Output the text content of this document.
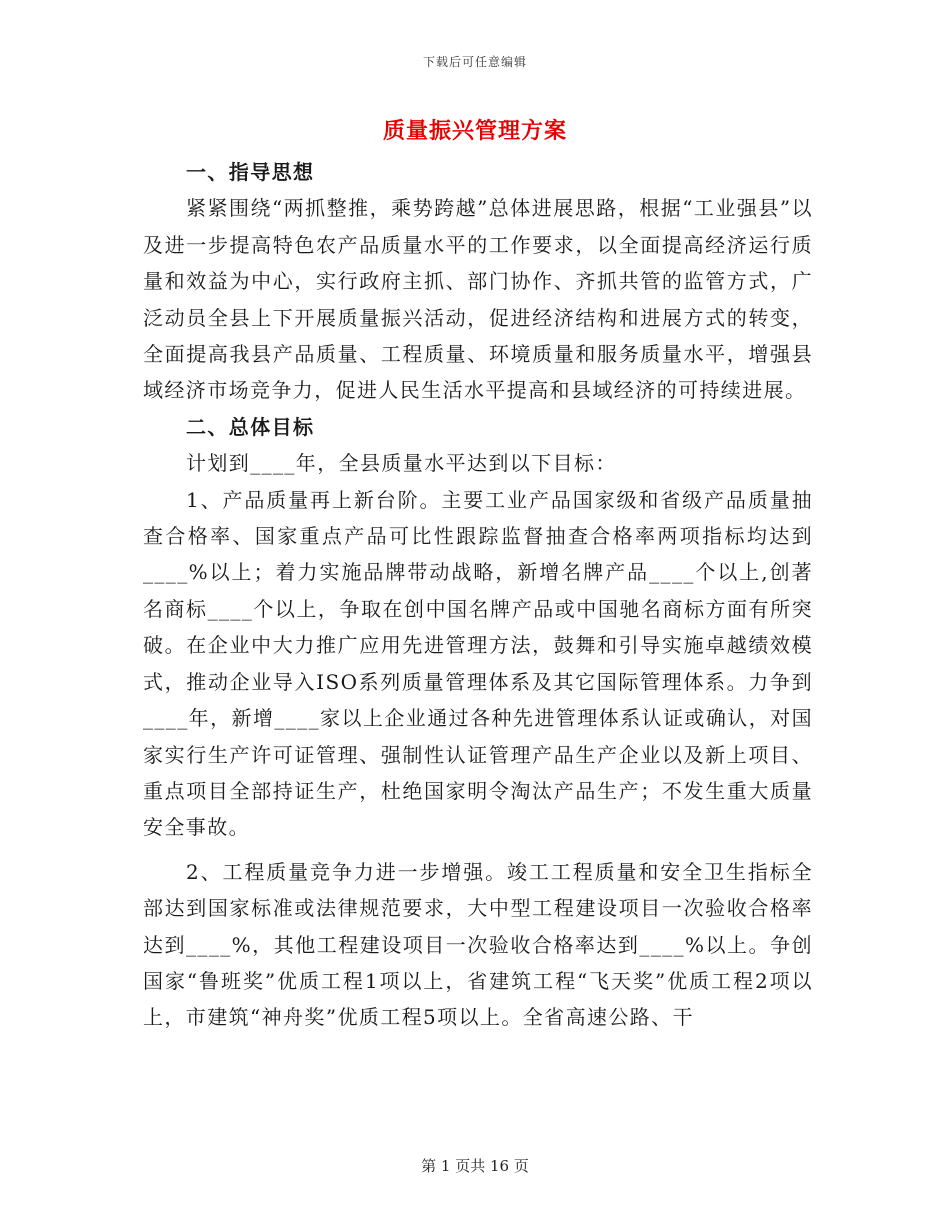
下载后可任意编辑
质量振兴管理方案

一、指导思想

紧紧围绕“两抓整推，乘势跨越”总体进展思路，根据“工业强县”以及进一步提高特色农产品质量水平的工作要求，以全面提高经济运行质量和效益为中心，实行政府主抓、部门协作、齐抓共管的监管方式，广泛动员全县上下开展质量振兴活动，促进经济结构和进展方式的转变，全面提高我县产品质量、工程质量、环境质量和服务质量水平，增强县域经济市场竞争力，促进人民生活水平提高和县域经济的可持续进展。

二、总体目标

计划到____年，全县质量水平达到以下目标：

1、产品质量再上新台阶。主要工业产品国家级和省级产品质量抽查合格率、国家重点产品可比性跟踪监督抽查合格率两项指标均达到____%以上；着力实施品牌带动战略，新增名牌产品____个以上,创著名商标____个以上，争取在创中国名牌产品或中国驰名商标方面有所突破。在企业中大力推广应用先进管理方法，鼓舞和引导实施卓越绩效模式，推动企业导入ISO系列质量管理体系及其它国际管理体系。力争到____年，新增____家以上企业通过各种先进管理体系认证或确认，对国家实行生产许可证管理、强制性认证管理产品生产企业以及新上项目、重点项目全部持证生产，杜绝国家明令淘汰产品生产；不发生重大质量安全事故。

2、工程质量竞争力进一步增强。竣工工程质量和安全卫生指标全部达到国家标准或法律规范要求，大中型工程建设项目一次验收合格率达到____%，其他工程建设项目一次验收合格率达到____%以上。争创国家“鲁班奖”优质工程1项以上，省建筑工程“飞天奖”优质工程2项以上，市建筑“神舟奖”优质工程5项以上。全省高速公路、干

第 1 页共 16 页
